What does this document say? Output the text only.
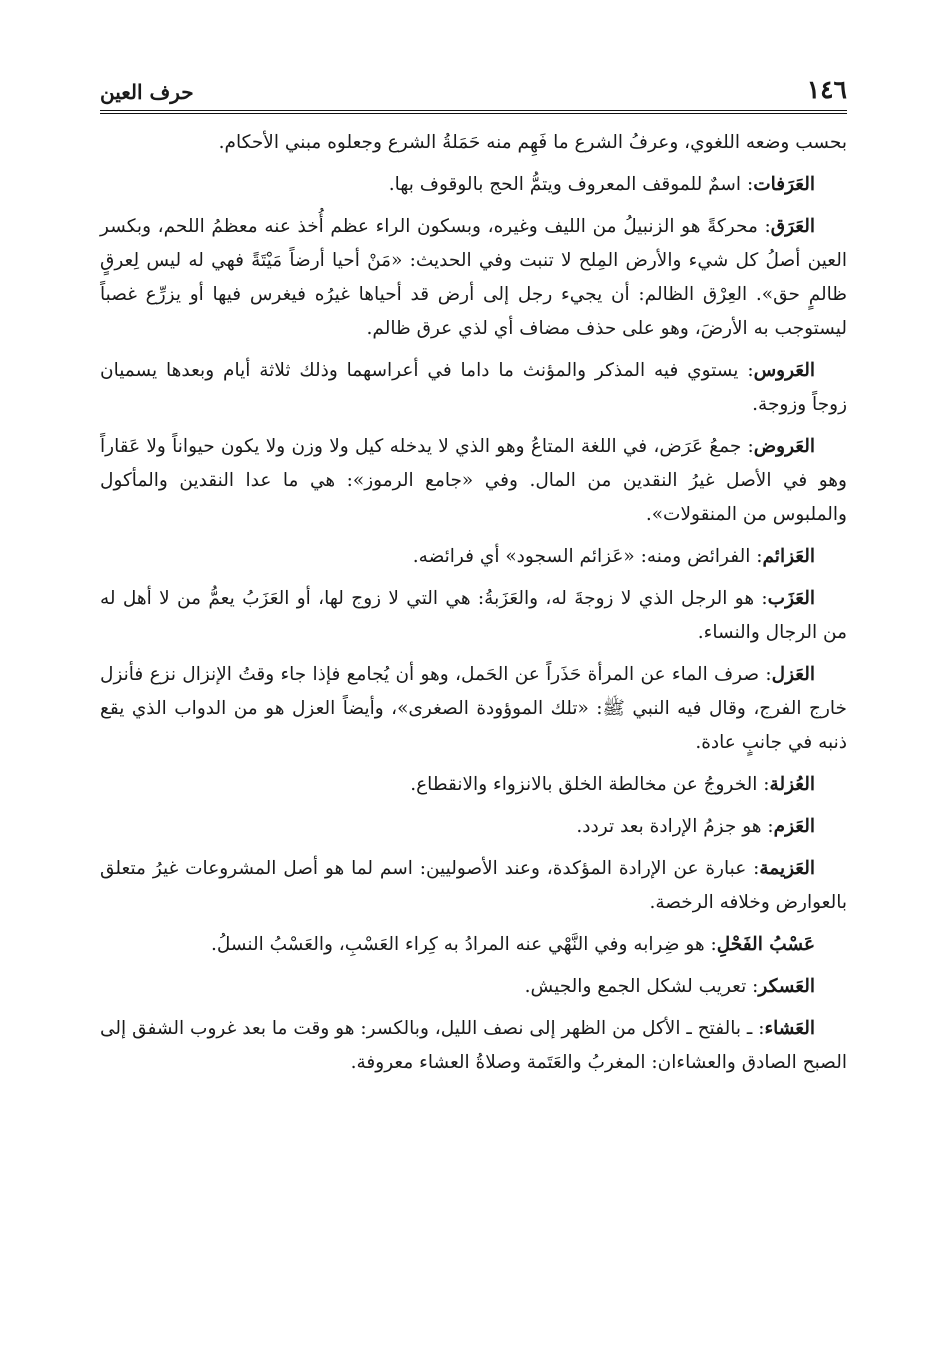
١٤٦
حرف العين

بحسب وضعه اللغوي، وعرفُ الشرع ما فَهِم منه حَمَلةُ الشرع وجعلوه مبني الأحكام.

العَرَفات: اسمٌ للموقف المعروف ويتمُّ الحج بالوقوف بها.

العَرَق: محركةً هو الزنبيلُ من الليف وغيره، وبسكون الراء عظم أُخذ عنه معظمُ اللحم، وبكسر العين أصلُ كل شيء والأرض المِلح لا تنبت وفي الحديث: «مَنْ أحيا أرضاً مَيْتَةً فهي له ليس لِعرقٍ ظالمٍ حق». العِرْق الظالم: أن يجيء رجل إلى أرض قد أحياها غيرُه فيغرس فيها أو يزرِّع غصباً ليستوجب به الأرضَ، وهو على حذف مضاف أي لذي عرق ظالم.

العَروس: يستوي فيه المذكر والمؤنث ما داما في أعراسهما وذلك ثلاثة أيام وبعدها يسميان زوجاً وزوجة.

العَروض: جمعُ عَرَض، في اللغة المتاعُ وهو الذي لا يدخله كيل ولا وزن ولا يكون حيواناً ولا عَقاراً وهو في الأصل غيرُ النقدين من المال. وفي «جامع الرموز»: هي ما عدا النقدين والمأكول والملبوس من المنقولات».

العَزائم: الفرائض ومنه: «عَزائم السجود» أي فرائضه.

العَزَب: هو الرجل الذي لا زوجةَ له، والعَزَبةُ: هي التي لا زوج لها، أو العَزَبُ يعمُّ من لا أهل له من الرجال والنساء.

العَزل: صرف الماء عن المرأة حَذَراً عن الحَمل، وهو أن يُجامع فإذا جاء وقتُ الإنزال نزع فأنزل خارج الفرج، وقال فيه النبي ﷺ: «تلك الموؤودة الصغرى»، وأيضاً العزل هو من الدواب الذي يقع ذنبه في جانبٍ عادة.

العُزلة: الخروجُ عن مخالطة الخلق بالانزواء والانقطاع.

العَزم: هو جزمُ الإرادة بعد تردد.

العَزيمة: عبارة عن الإرادة المؤكدة، وعند الأصوليين: اسم لما هو أصل المشروعات غيرُ متعلق بالعوارض وخلافه الرخصة.

عَسْبُ الفَحْلِ: هو ضِرابه وفي النَّهْي عنه المرادُ به كِراء العَسْبِ، والعَسْبُ النسلُ.

العَسكر: تعريب لشكل الجمع والجيش.

العَشاء: ـ بالفتح ـ الأكل من الظهر إلى نصف الليل، وبالكسر: هو وقت ما بعد غروب الشفق إلى الصبح الصادق والعشاءان: المغربُ والعَتَمة وصلاةُ العشاء معروفة.
